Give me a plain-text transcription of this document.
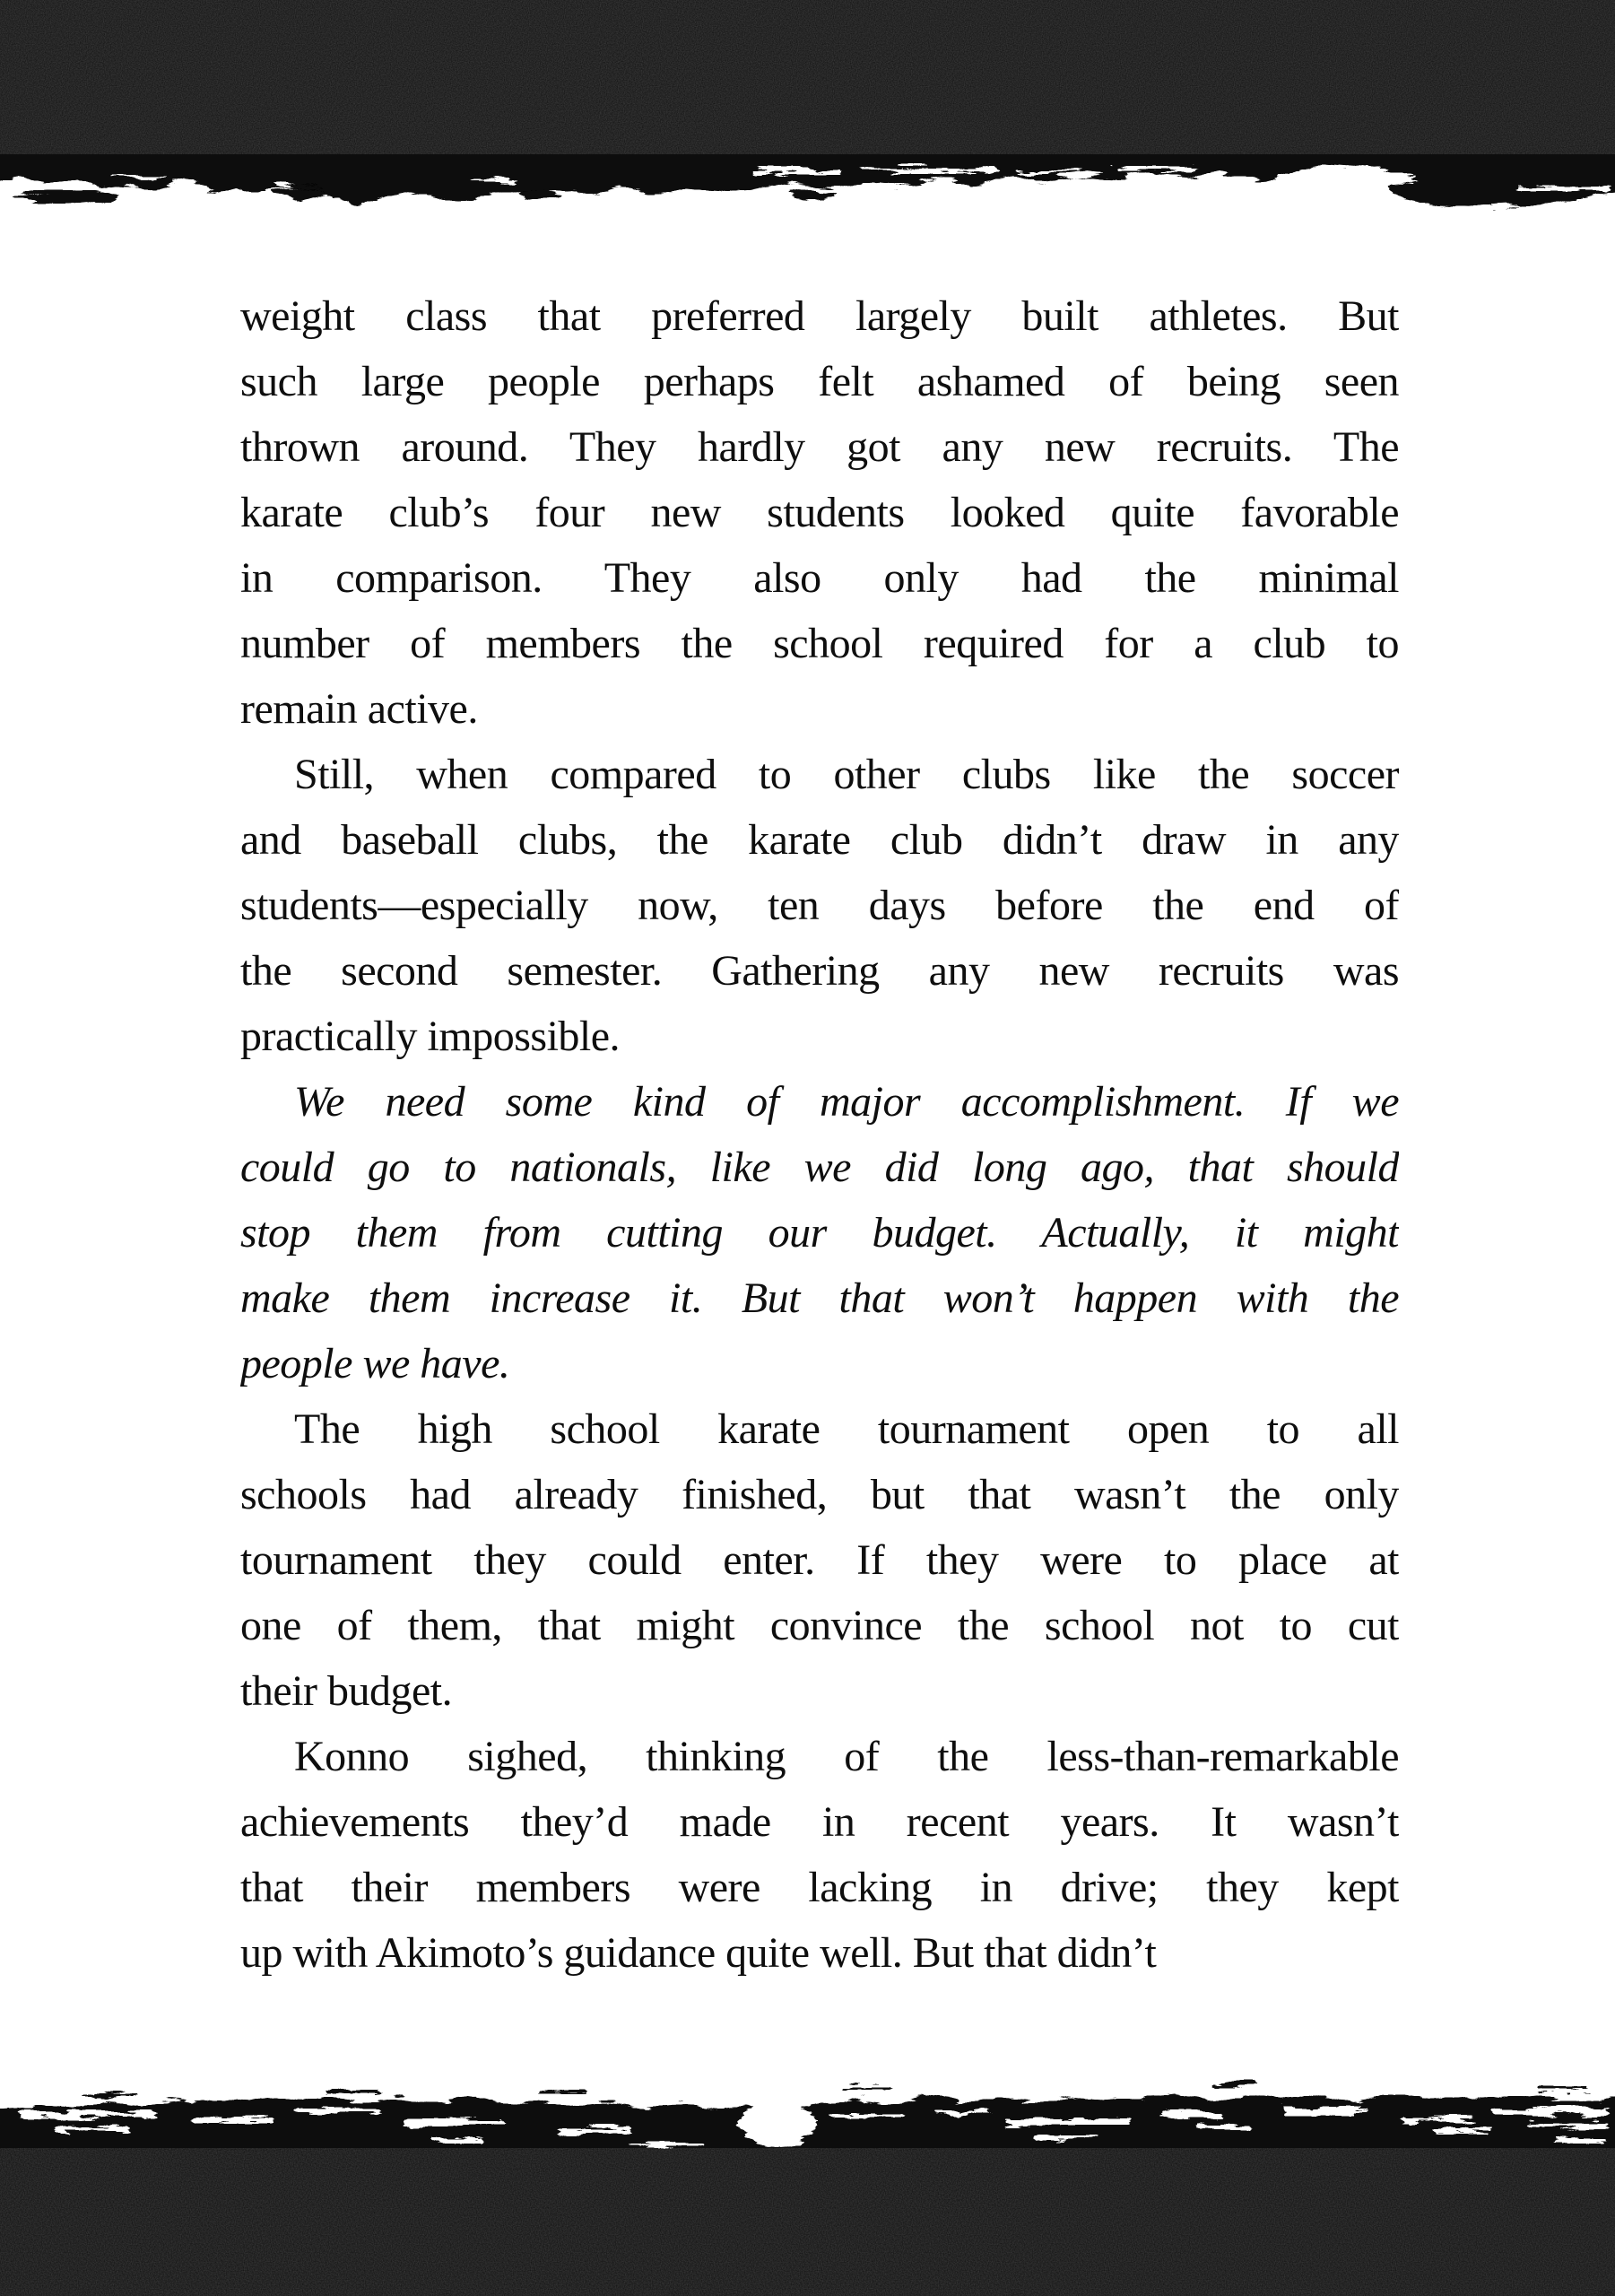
weight class that preferred largely built athletes. But
such large people perhaps felt ashamed of being seen
thrown around. They hardly got any new recruits. The
karate club’s four new students looked quite favorable
in comparison. They also only had the minimal
number of members the school required for a club to
remain active.
Still, when compared to other clubs like the soccer
and baseball clubs, the karate club didn’t draw in any
students—especially now, ten days before the end of
the second semester. Gathering any new recruits was
practically impossible.
We need some kind of major accomplishment. If we
could go to nationals, like we did long ago, that should
stop them from cutting our budget. Actually, it might
make them increase it. But that won’t happen with the
people we have.
The high school karate tournament open to all
schools had already finished, but that wasn’t the only
tournament they could enter. If they were to place at
one of them, that might convince the school not to cut
their budget.
Konno sighed, thinking of the less-than-remarkable
achievements they’d made in recent years. It wasn’t
that their members were lacking in drive; they kept
up with Akimoto’s guidance quite well. But that didn’t
